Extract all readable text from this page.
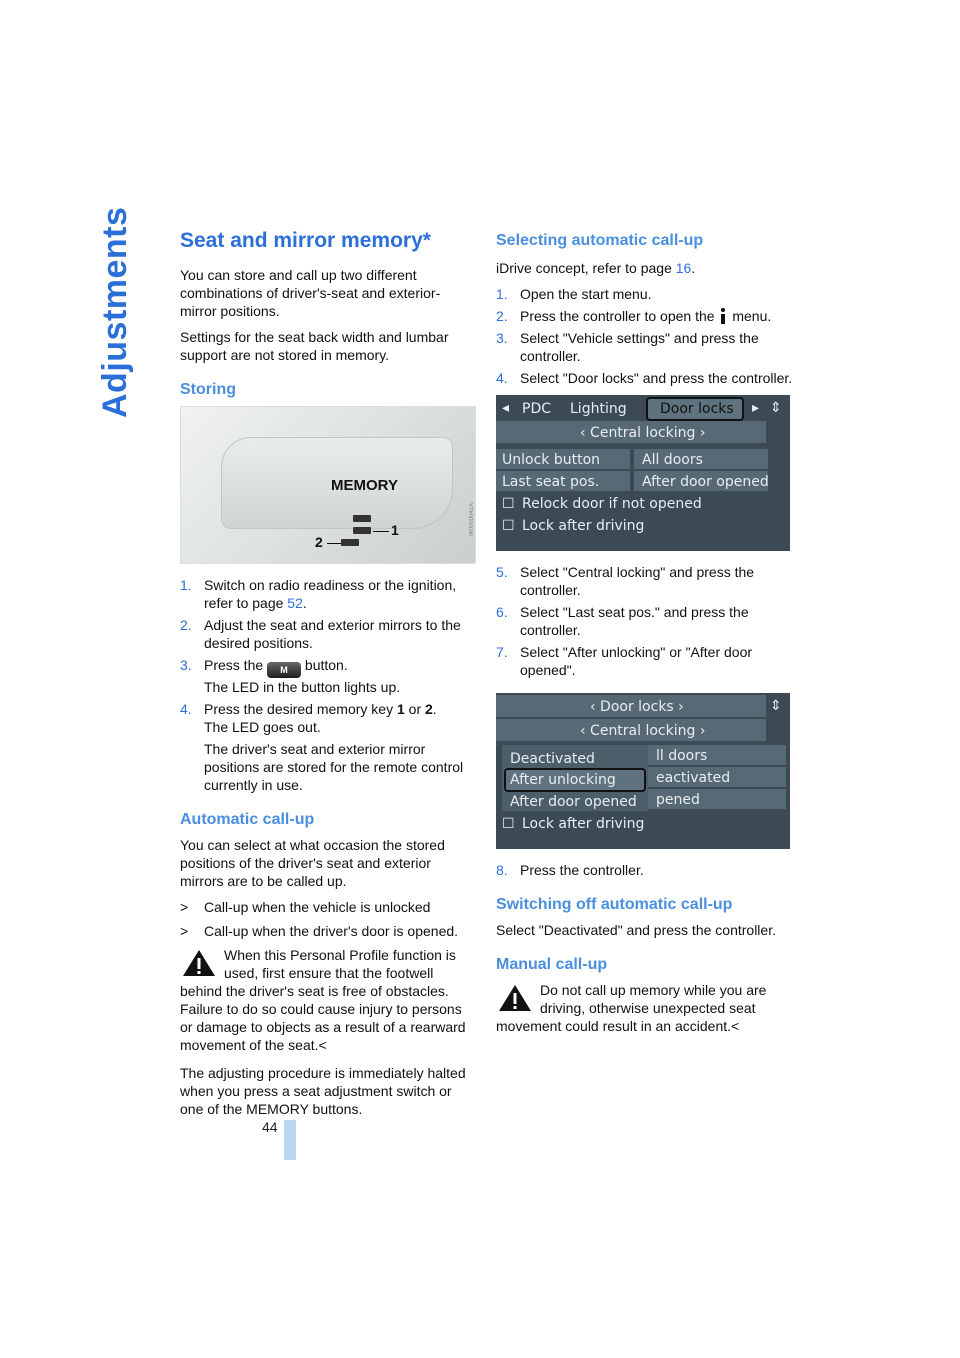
Adjustments Seat and mirror memory*

You can store and call up two different combinations of driver's-seat and exterior-mirror positions.

Settings for the seat back width and lumbar support are not stored in memory.

Storing
MEMORY
1
2
W0000042A
1. Switch on radio readiness or the ignition, refer to page 52.
2. Adjust the seat and exterior mirrors to the desired positions.
3. Press the M button.

The LED in the button lights up.

4. Press the desired memory key 1 or 2.

The LED goes out.

The driver's seat and exterior mirror positions are stored for the remote control currently in use.

Automatic call-up

You can select at what occasion the stored positions of the driver's seat and exterior mirrors are to be called up.

> Call-up when the vehicle is unlocked
> Call-up when the driver's door is opened.

When this Personal Profile function is used, first ensure that the footwell behind the driver's seat is free of obstacles. Failure to do so could cause injury to persons or damage to objects as a result of a rearward movement of the seat.<

The adjusting procedure is immediately halted when you press a seat adjustment switch or one of the MEMORY buttons.

Selecting automatic call-up

iDrive concept, refer to page 16.

1. Open the start menu.
2. Press the controller to open the menu.
3. Select "Vehicle settings" and press the controller.
4. Select "Door locks" and press the controller.
◂ PDC Lighting Door locks ▸
‹ Central locking ›
Unlock button	All doors
Last seat pos.	After door opened
☐ Relock door if not opened
☐ Lock after driving
⇕
5. Select "Central locking" and press the controller.
6. Select "Last seat pos." and press the controller.
7. Select "After unlocking" or "After door opened".
‹ Door locks ›
‹ Central locking ›
ll doors
eactivated
pened
Deactivated
After unlocking
After door opened
☐ Lock after driving
⇕
8. Press the controller.
Switching off automatic call-up

Select "Deactivated" and press the controller.

Manual call-up

Do not call up memory while you are driving, otherwise unexpected seat movement could result in an accident.<

44
